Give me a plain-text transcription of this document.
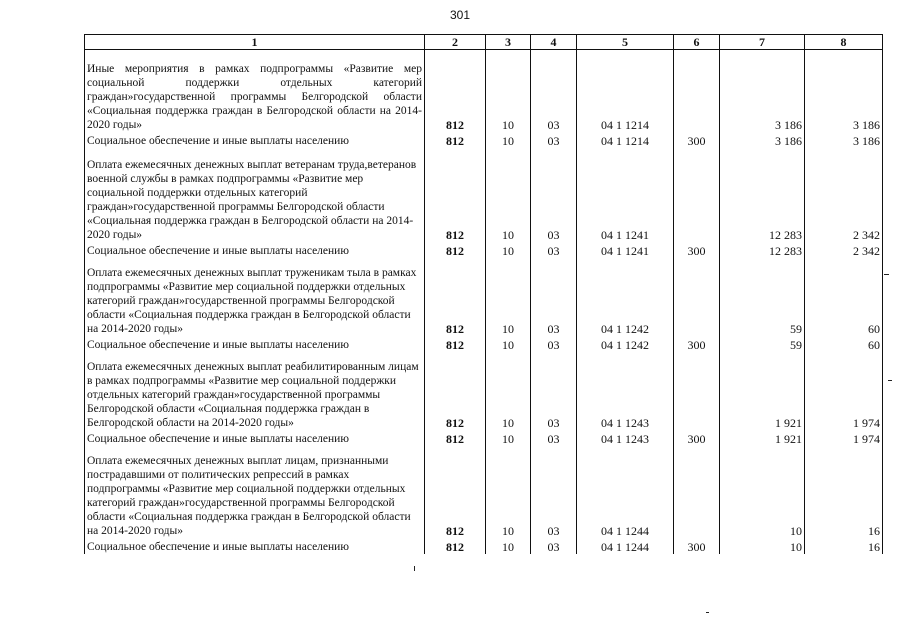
301
1	2	3	4	5	6	7	8
Иные мероприятия в рамках подпрограммы «Развитие мер социальной поддержки отдельных категорий граждан»государственной программы Белгородской области «Социальная поддержка граждан в Белгородской области на 2014-2020 годы»	812	10	03	04 1 1214		3 186	3 186
Социальное обеспечение и иные выплаты населению	812	10	03	04 1 1214	300	3 186	3 186
Оплата ежемесячных денежных выплат ветеранам труда,ветеранов военной службы в рамках подпрограммы «Развитие мер социальной поддержки отдельных категорий граждан»государственной программы Белгородской области «Социальная поддержка граждан в Белгородской области на 2014-2020 годы»	812	10	03	04 1 1241		12 283	2 342
Социальное обеспечение и иные выплаты населению	812	10	03	04 1 1241	300	12 283	2 342
Оплата ежемесячных денежных выплат труженикам тыла в рамках подпрограммы «Развитие мер социальной поддержки отдельных категорий граждан»государственной программы Белгородской области «Социальная поддержка граждан в Белгородской области на 2014-2020 годы»	812	10	03	04 1 1242		59	60
Социальное обеспечение и иные выплаты населению	812	10	03	04 1 1242	300	59	60
Оплата ежемесячных денежных выплат реабилитированным лицам в рамках подпрограммы «Развитие мер социальной поддержки отдельных категорий граждан»государственной программы Белгородской области «Социальная поддержка граждан в Белгородской области на 2014-2020 годы»	812	10	03	04 1 1243		1 921	1 974
Социальное обеспечение и иные выплаты населению	812	10	03	04 1 1243	300	1 921	1 974
Оплата ежемесячных денежных выплат лицам, признанными пострадавшими от политических репрессий в рамках подпрограммы «Развитие мер социальной поддержки отдельных категорий граждан»государственной программы Белгородской области «Социальная поддержка граждан в Белгородской области на 2014-2020 годы»	812	10	03	04 1 1244		10	16
Социальное обеспечение и иные выплаты населению	812	10	03	04 1 1244	300	10	16
